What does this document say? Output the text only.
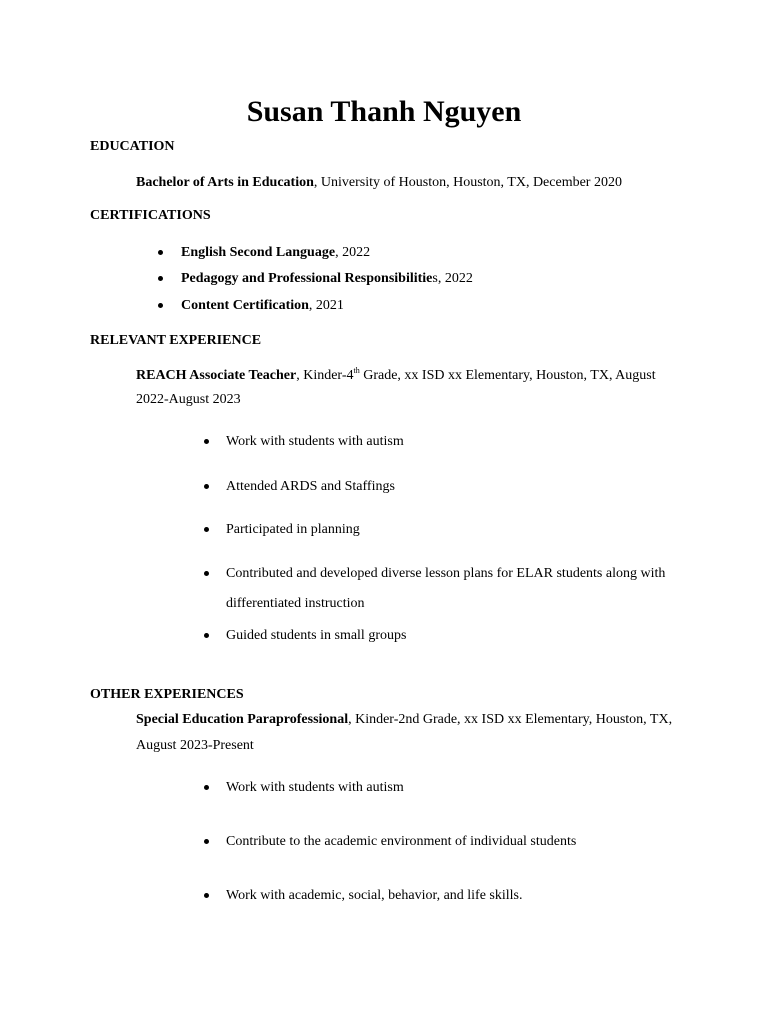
Susan Thanh Nguyen
EDUCATION
Bachelor of Arts in Education, University of Houston, Houston, TX, December 2020
CERTIFICATIONS
English Second Language, 2022
Pedagogy and Professional Responsibilities, 2022
Content Certification, 2021
RELEVANT EXPERIENCE
REACH Associate Teacher, Kinder-4th Grade, xx ISD xx Elementary, Houston, TX, August
2022-August 2023
Work with students with autism
Attended ARDS and Staffings
Participated in planning
Contributed and developed diverse lesson plans for ELAR students along with
differentiated instruction
Guided students in small groups
OTHER EXPERIENCES
Special Education Paraprofessional, Kinder-2nd Grade, xx ISD xx Elementary, Houston, TX,
August 2023-Present
Work with students with autism
Contribute to the academic environment of individual students
Work with academic, social, behavior, and life skills.
